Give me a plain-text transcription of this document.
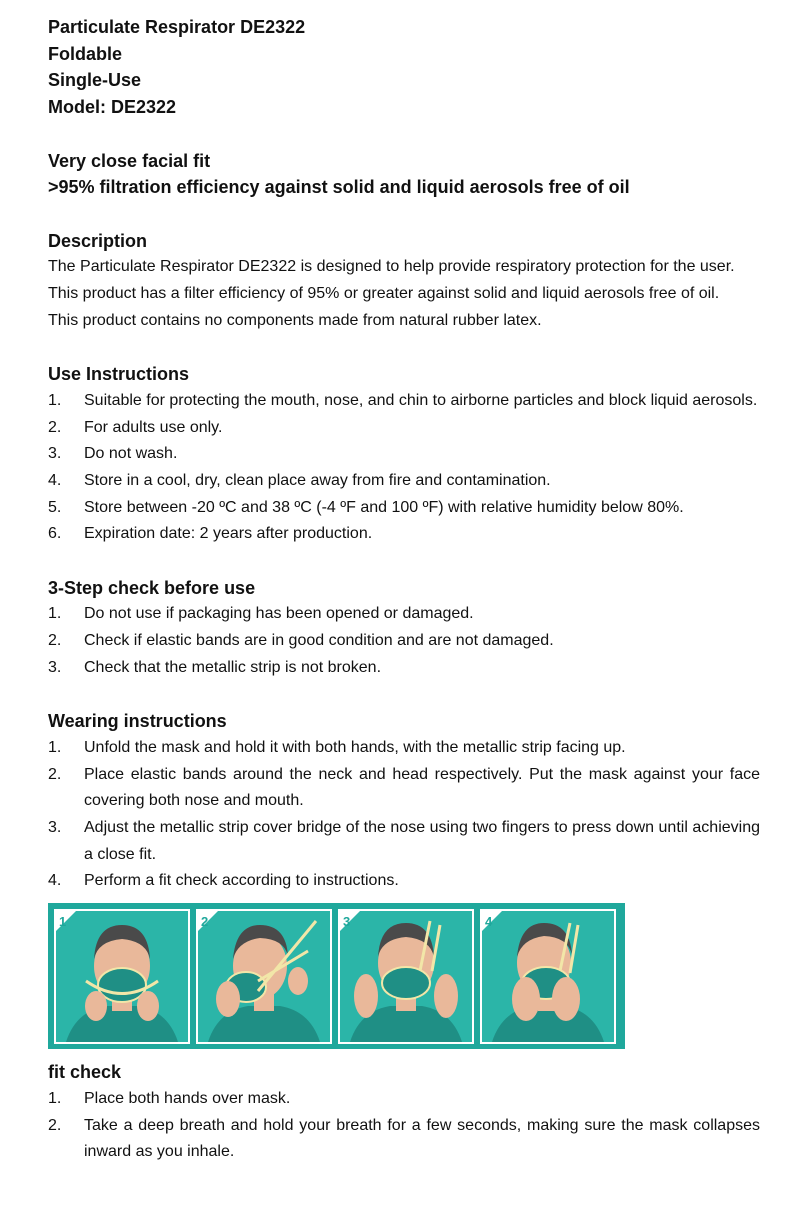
Particulate Respirator DE2322

Foldable

Single-Use

Model: DE2322

Very close facial fit

>95% filtration efficiency against solid and liquid aerosols free of oil

Description

The Particulate Respirator DE2322 is designed to help provide respiratory protection for the user.

This product has a filter efficiency of 95% or greater against solid and liquid aerosols free of oil.

This product contains no components made from natural rubber latex.

Use Instructions

1. Suitable for protecting the mouth, nose, and chin to airborne particles and block liquid aerosols.
2. For adults use only.
3. Do not wash.
4. Store in a cool, dry, clean place away from fire and contamination.
5. Store between -20 ºC and 38 ºC (-4 ºF and 100 ºF) with relative humidity below 80%.
6. Expiration date: 2 years after production.

3-Step check before use

1. Do not use if packaging has been opened or damaged.
2. Check if elastic bands are in good condition and are not damaged.
3. Check that the metallic strip is not broken.

Wearing instructions

1. Unfold the mask and hold it with both hands, with the metallic strip facing up.
2. Place elastic bands around the neck and head respectively. Put the mask against your face covering both nose and mouth.
3. Adjust the metallic strip cover bridge of the nose using two fingers to press down until achieving a close fit.
4. Perform a fit check according to instructions.
1	2	3	4

fit check

1. Place both hands over mask.
2. Take a deep breath and hold your breath for a few seconds, making sure the mask collapses inward as you inhale.
